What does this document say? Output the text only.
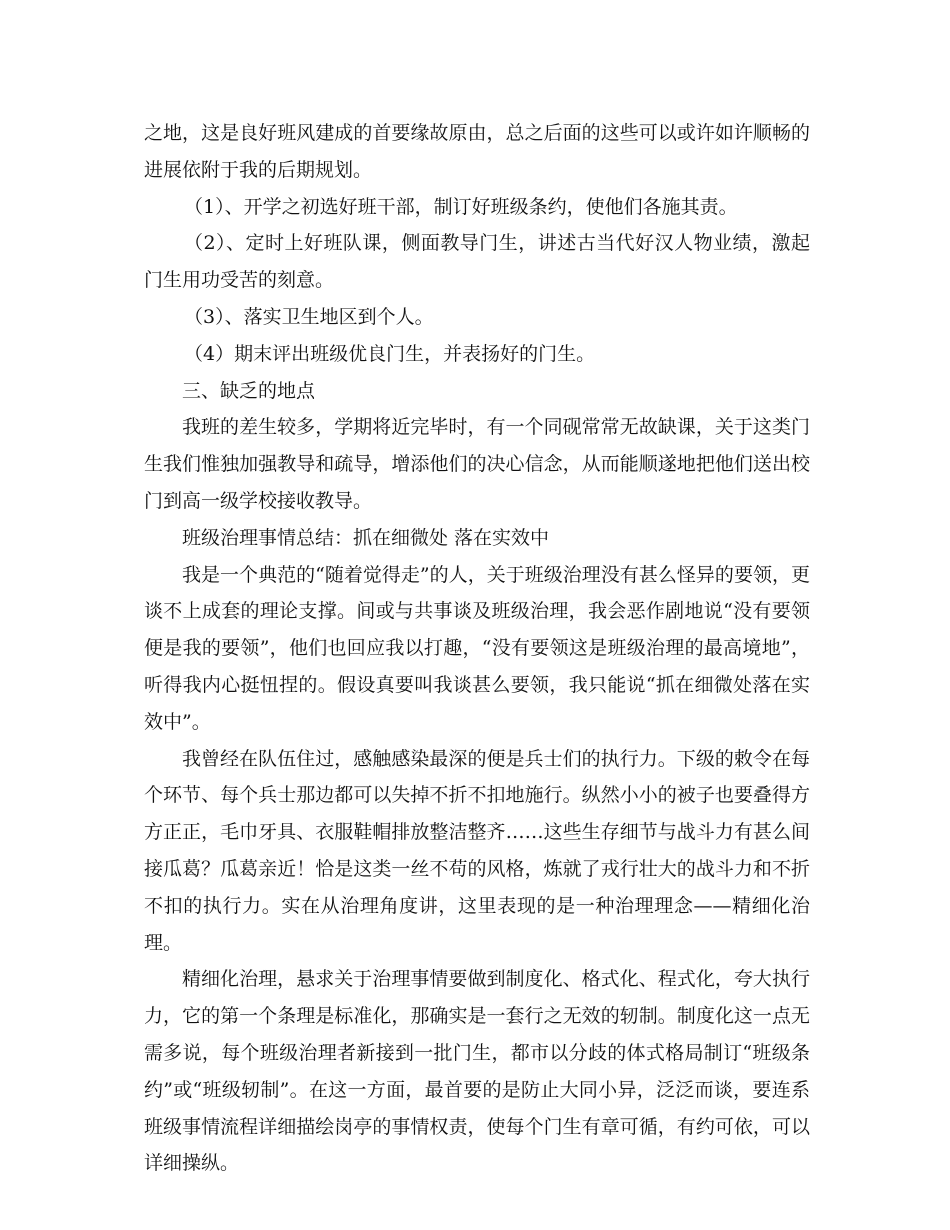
之地，这是良好班风建成的首要缘故原由，总之后面的这些可以或许如许顺畅的进展依附于我的后期规划。

（1）、开学之初选好班干部，制订好班级条约，使他们各施其责。

（2）、定时上好班队课，侧面教导门生，讲述古当代好汉人物业绩，激起门生用功受苦的刻意。

（3）、落实卫生地区到个人。

（4）期末评出班级优良门生，并表扬好的门生。

三、缺乏的地点

我班的差生较多，学期将近完毕时，有一个同砚常常无故缺课，关于这类门生我们惟独加强教导和疏导，增添他们的决心信念，从而能顺遂地把他们送出校门到高一级学校接收教导。

班级治理事情总结：抓在细微处 落在实效中

我是一个典范的“随着觉得走”的人，关于班级治理没有甚么怪异的要领，更谈不上成套的理论支撑。间或与共事谈及班级治理，我会恶作剧地说“没有要领便是我的要领”，他们也回应我以打趣，“没有要领这是班级治理的最高境地”，听得我内心挺忸捏的。假设真要叫我谈甚么要领，我只能说“抓在细微处落在实效中”。

我曾经在队伍住过，感触感染最深的便是兵士们的执行力。下级的敕令在每个环节、每个兵士那边都可以失掉不折不扣地施行。纵然小小的被子也要叠得方方正正，毛巾牙具、衣服鞋帽排放整洁整齐……这些生存细节与战斗力有甚么间接瓜葛？瓜葛亲近！恰是这类一丝不苟的风格，炼就了戎行壮大的战斗力和不折不扣的执行力。实在从治理角度讲，这里表现的是一种治理理念——精细化治理。

精细化治理，悬求关于治理事情要做到制度化、格式化、程式化，夸大执行力，它的第一个条理是标准化，那确实是一套行之无效的轫制。制度化这一点无需多说，每个班级治理者新接到一批门生，都市以分歧的体式格局制订“班级条约”或“班级轫制”。在这一方面，最首要的是防止大同小异，泛泛而谈，要连系班级事情流程详细描绘岗亭的事情权责，使每个门生有章可循，有约可依，可以详细操纵。
